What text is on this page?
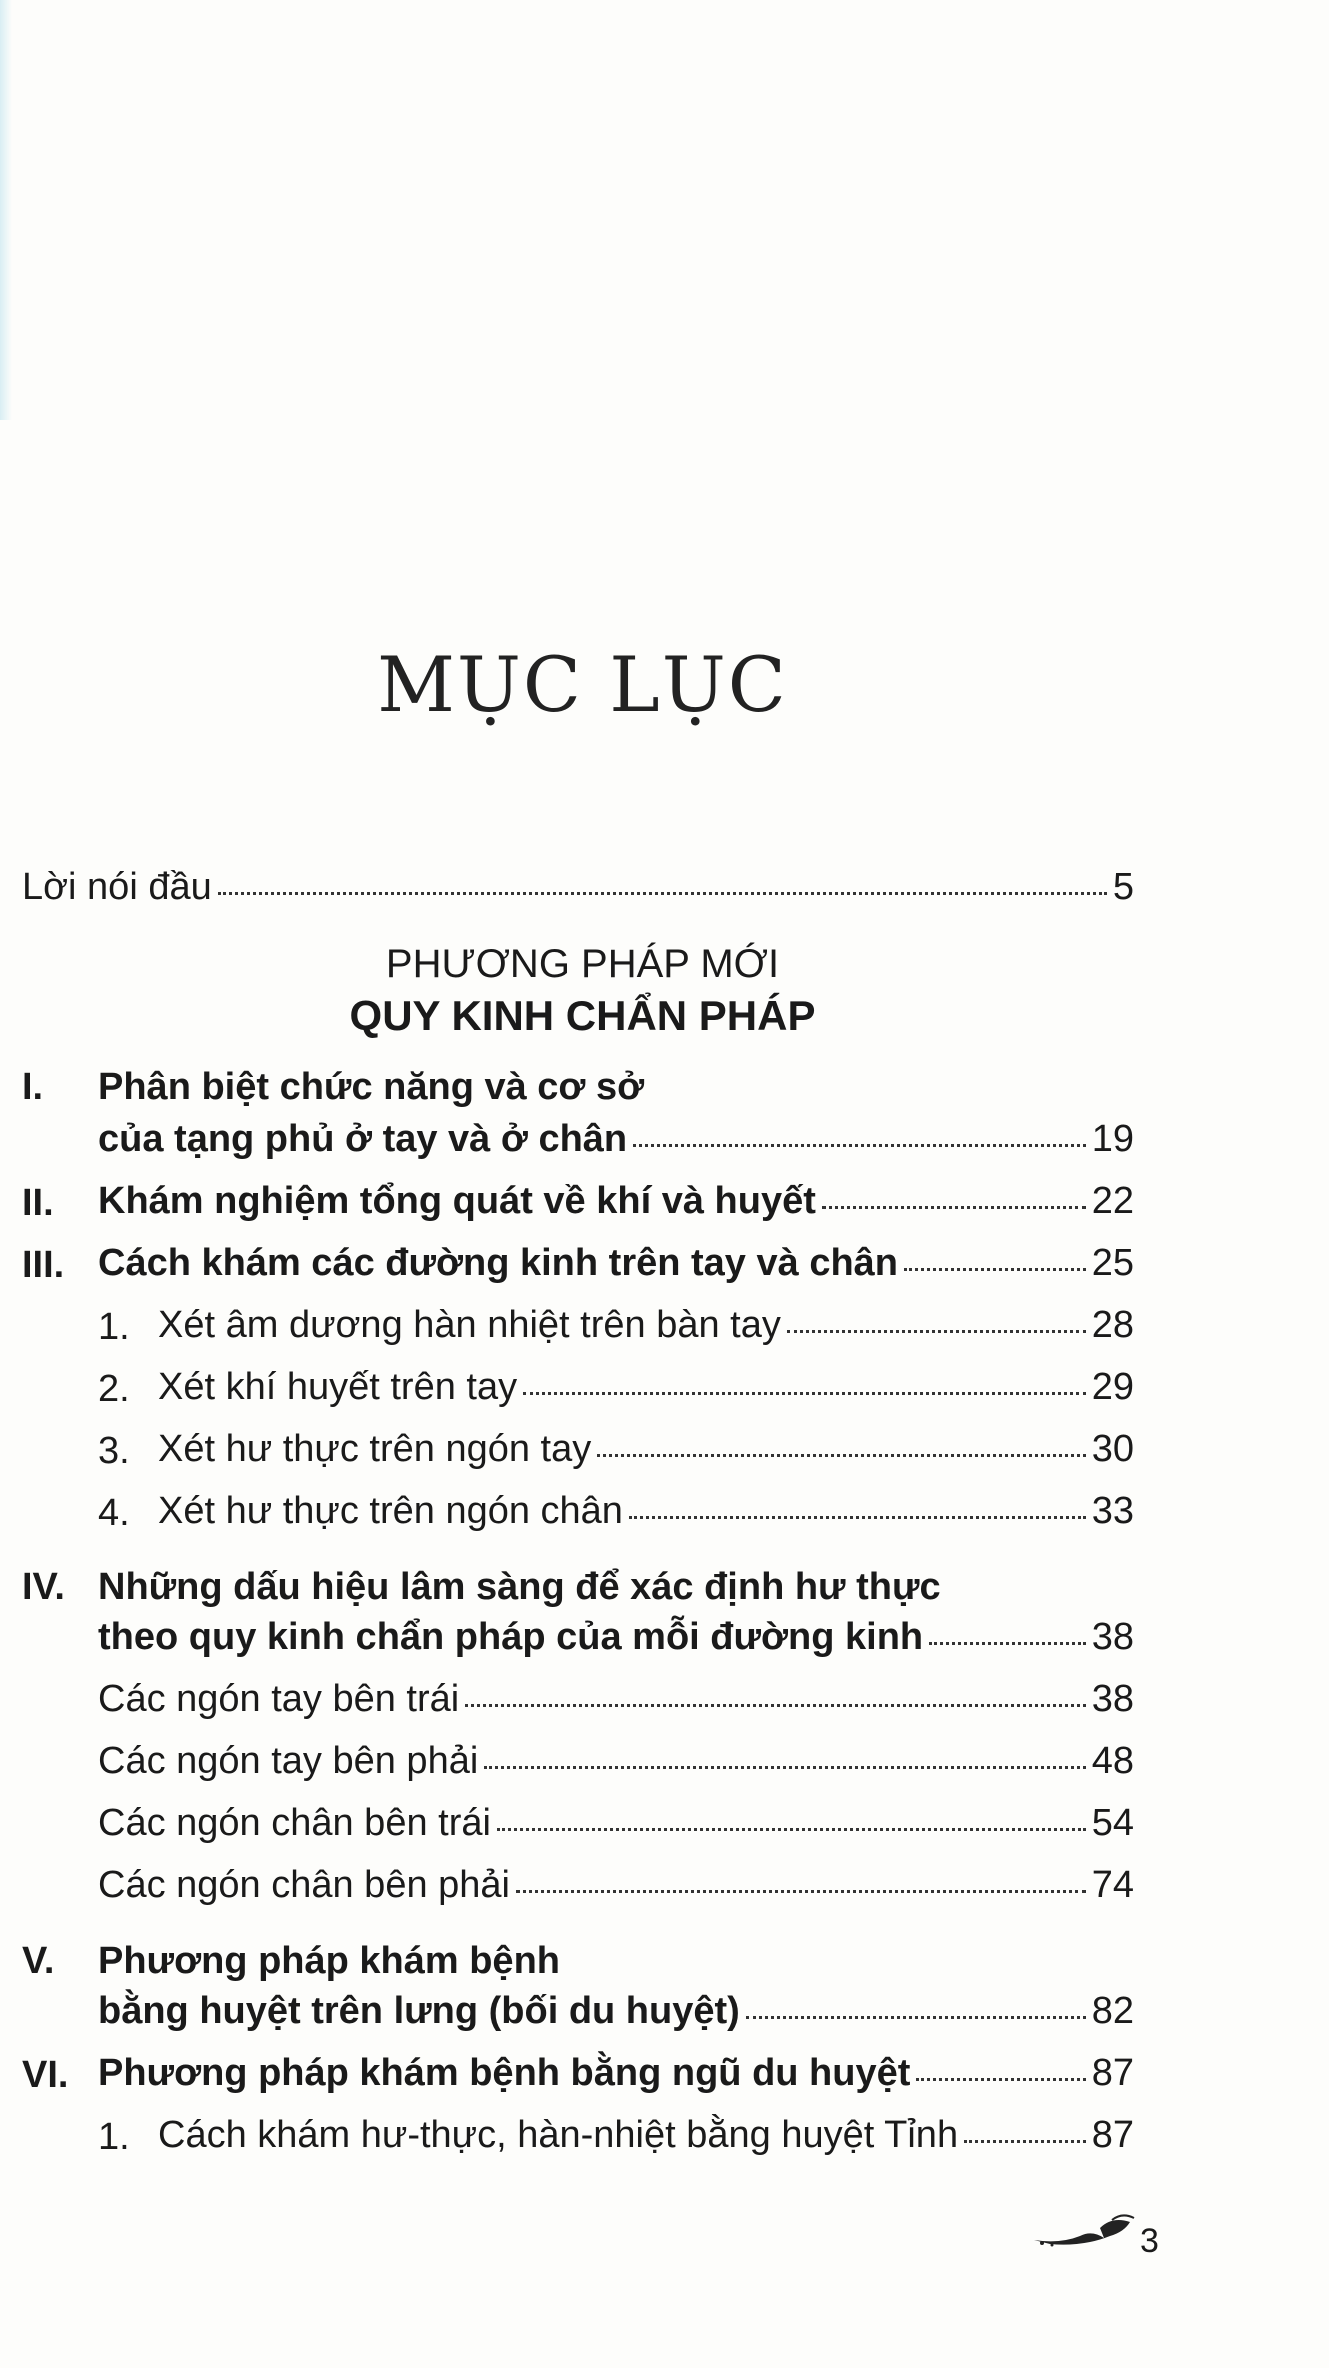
MỤC LỤC
Lời nói đầu	5
PHƯƠNG PHÁP MỚI
QUY KINH CHẨN PHÁP
I. Phân biệt chức năng và cơ sở
của tạng phủ ở tay và ở chân	19
II. Khám nghiệm tổng quát về khí và huyết	22
III. Cách khám các đường kinh trên tay và chân	25
1. Xét âm dương hàn nhiệt trên bàn tay	28
2. Xét khí huyết trên tay	29
3. Xét hư thực trên ngón tay	30
4. Xét hư thực trên ngón chân	33
IV. Những dấu hiệu lâm sàng để xác định hư thực
theo quy kinh chẩn pháp của mỗi đường kinh	38
Các ngón tay bên trái	38
Các ngón tay bên phải	48
Các ngón chân bên trái	54
Các ngón chân bên phải	74
V. Phương pháp khám bệnh
bằng huyệt trên lưng (bối du huyệt)	82
VI. Phương pháp khám bệnh bằng ngũ du huyệt	87
1. Cách khám hư-thực, hàn-nhiệt bằng huyệt Tỉnh	87
3
